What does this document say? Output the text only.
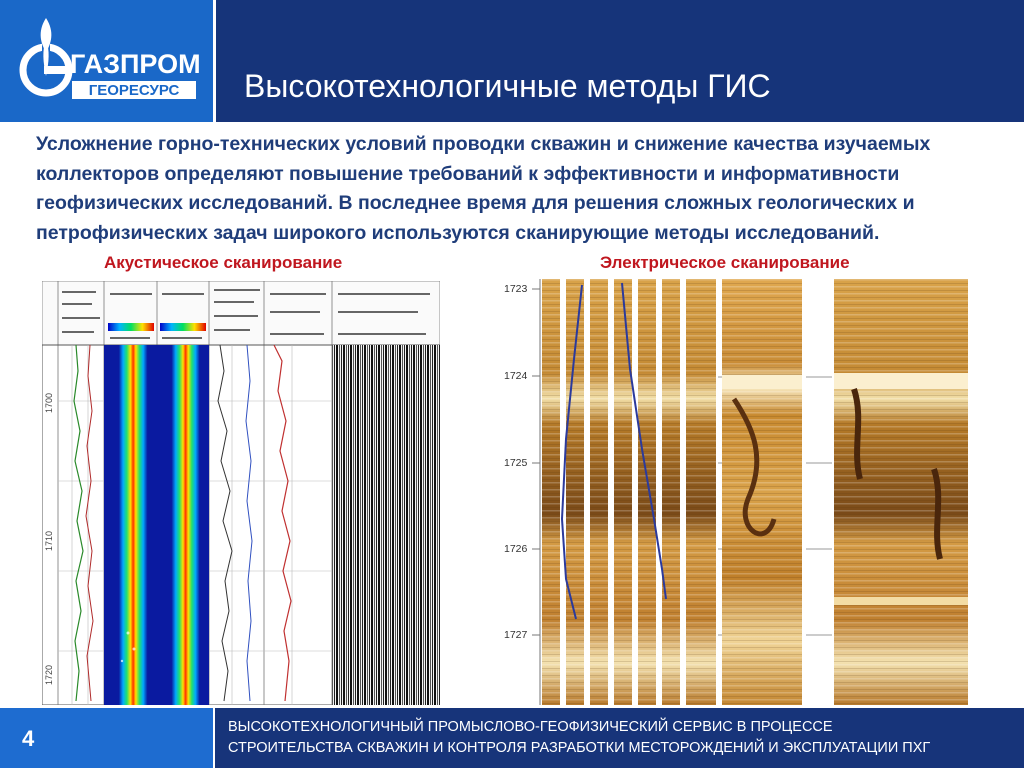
ГАЗПРОМ
ГЕОРЕСУРС Высокотехнологичные методы ГИС
Усложнение горно-технических условий проводки скважин и снижение качества изучаемых
коллекторов определяют повышение требований к эффективности и информативности
геофизических исследований. В последнее время для решения сложных геологических и
петрофизических задач широкого используются сканирующие методы исследований.
Акустическое сканирование	Электрическое сканирование
1700
1710
1720
1723
1724
1725
1726
1727
4	ВЫСОКОТЕХНОЛОГИЧНЫЙ ПРОМЫСЛОВО-ГЕОФИЗИЧЕСКИЙ СЕРВИС В ПРОЦЕССЕ
СТРОИТЕЛЬСТВА СКВАЖИН И КОНТРОЛЯ РАЗРАБОТКИ МЕСТОРОЖДЕНИЙ И ЭКСПЛУАТАЦИИ ПХГ
